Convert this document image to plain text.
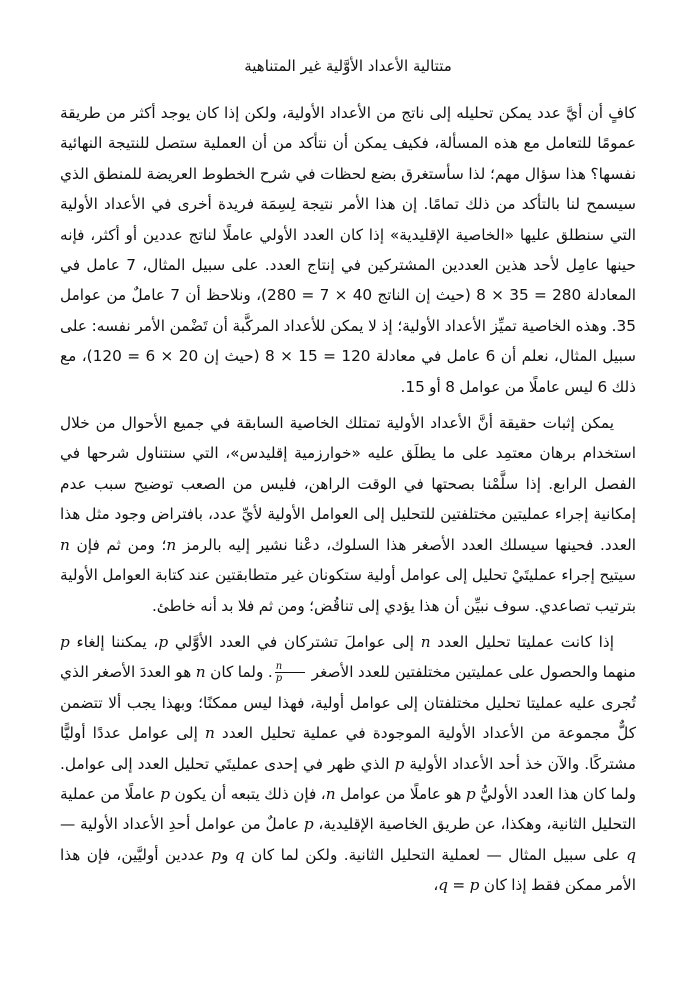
متتالية الأعداد الأوَّلية غير المتناهية

كافٍ أن أيَّ عدد يمكن تحليله إلى ناتج من الأعداد الأولية، ولكن إذا كان يوجد أكثر من طريقة عمومًا للتعامل مع هذه المسألة، فكيف يمكن أن نتأكد من أن العملية ستصل للنتيجة النهائية نفسها؟ هذا سؤال مهم؛ لذا سأستغرق بضع لحظات في شرح الخطوط العريضة للمنطق الذي سيسمح لنا بالتأكد من ذلك تمامًا. إن هذا الأمر نتيجة لِسِمَة فريدة أخرى في الأعداد الأولية التي سنطلق عليها «الخاصية الإقليدية» إذا كان العدد الأولي عاملًا لناتج عددين أو أكثر، فإنه حينها عامِل لأحد هذين العددين المشتركين في إنتاج العدد. على سبيل المثال، 7 عامل في المعادلة 280 = 35 × 8 (حيث إن الناتج 40 × 7 = 280)، ونلاحظ أن 7 عاملٌ من عوامل 35. وهذه الخاصية تميِّز الأعداد الأولية؛ إذ لا يمكن للأعداد المركَّبة أن تَضْمن الأمر نفسه: على سبيل المثال، نعلم أن 6 عامل في معادلة 120 = 15 × 8 (حيث إن 20 × 6 = 120)، مع ذلك 6 ليس عاملًا من عوامل 8 أو 15.

يمكن إثبات حقيقة أنَّ الأعداد الأولية تمتلك الخاصية السابقة في جميع الأحوال من خلال استخدام برهان معتمِد على ما يطلَق عليه «خوارزمية إقليدس»، التي سنتناول شرحها في الفصل الرابع. إذا سلَّمْنا بصحتها في الوقت الراهن، فليس من الصعب توضيح سبب عدم إمكانية إجراء عمليتين مختلفتين للتحليل إلى العوامل الأولية لأيِّ عدد، بافتراض وجود مثل هذا العدد. فحينها سيسلك العدد الأصغر هذا السلوك، دعْنا نشير إليه بالرمز n؛ ومن ثم فإن n سيتيح إجراء عمليتَيْ تحليل إلى عوامل أولية ستكونان غير متطابقتين عند كتابة العوامل الأولية بترتيب تصاعدي. سوف نبيِّن أن هذا يؤدي إلى تناقُض؛ ومن ثم فلا بد أنه خاطئ.

إذا كانت عمليتا تحليل العدد n إلى عواملَ تشتركان في العدد الأوَّلي p، يمكننا إلغاء p منهما والحصول على عمليتين مختلفتين للعدد الأصغر
$\frac{n}{p}$
. ولما كان n هو العددَ الأصغر الذي تُجرى عليه عمليتا تحليل مختلفتان إلى عوامل أولية، فهذا ليس ممكنًا؛ وبهذا يجب ألا تتضمن كلٌّ مجموعة من الأعداد الأولية الموجودة في عملية تحليل العدد n إلى عوامل عددًا أوليًّا مشتركًا. والآن خذ أحد الأعداد الأولية p الذي ظهر في إحدى عمليتَي تحليل العدد إلى عوامل. ولما كان هذا العدد الأوليُّ p هو عاملًا من عوامل n، فإن ذلك يتبعه أن يكون p عاملًا من عملية التحليل الثانية، وهكذا، عن طريق الخاصية الإقليدية، p عاملٌ من عوامل أحدِ الأعداد الأولية — q على سبيل المثال — لعملية التحليل الثانية. ولكن لما كان q وp عددين أوليَّين، فإن هذا الأمر ممكن فقط إذا كان q = p،
